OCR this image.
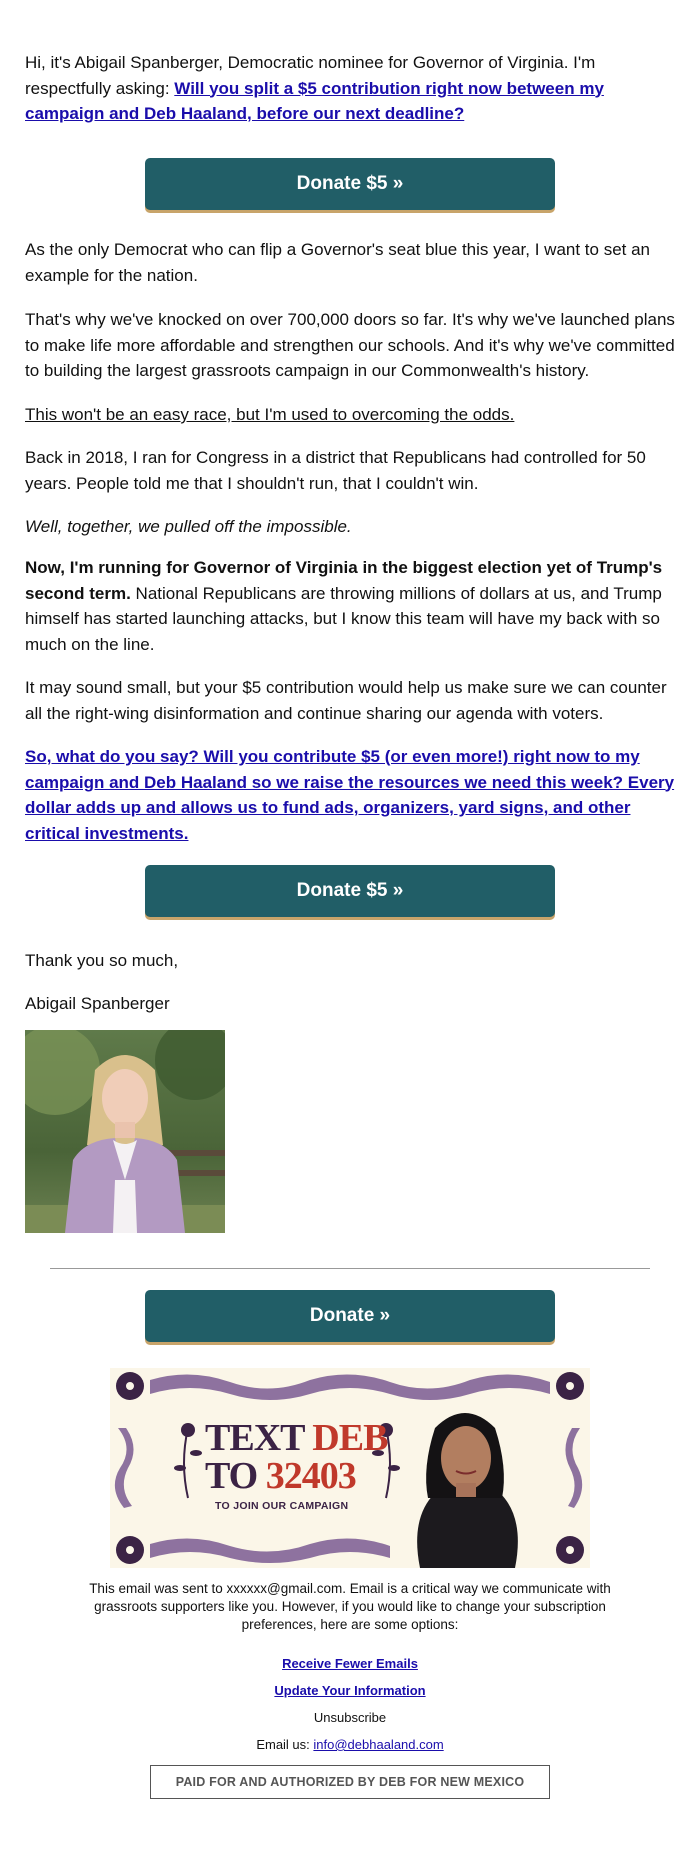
Hi, it's Abigail Spanberger, Democratic nominee for Governor of Virginia. I'm respectfully asking: Will you split a $5 contribution right now between my campaign and Deb Haaland, before our next deadline?

As the only Democrat who can flip a Governor's seat blue this year, I want to set an example for the nation.

That's why we've knocked on over 700,000 doors so far. It's why we've launched plans to make life more affordable and strengthen our schools. And it's why we've committed to building the largest grassroots campaign in our Commonwealth's history.

This won't be an easy race, but I'm used to overcoming the odds.

Back in 2018, I ran for Congress in a district that Republicans had controlled for 50 years. People told me that I shouldn't run, that I couldn't win.

Well, together, we pulled off the impossible.

Now, I'm running for Governor of Virginia in the biggest election yet of Trump's second term. National Republicans are throwing millions of dollars at us, and Trump himself has started launching attacks, but I know this team will have my back with so much on the line.

It may sound small, but your $5 contribution would help us make sure we can counter all the right-wing disinformation and continue sharing our agenda with voters.

So, what do you say? Will you contribute $5 (or even more!) right now to my campaign and Deb Haaland so we raise the resources we need this week? Every dollar adds up and allows us to fund ads, organizers, yard signs, and other critical investments.

Thank you so much,

Abigail Spanberger

Donate $5 »
Donate $5 »
Donate »
TEXT DEB
TO 32403
TO JOIN OUR CAMPAIGN
This email was sent to xxxxxx@gmail.com. Email is a critical way we communicate with grassroots supporters like you. However, if you would like to change your subscription preferences, here are some options:
Receive Fewer Emails
Update Your Information
Unsubscribe
Email us: info@debhaaland.com
PAID FOR AND AUTHORIZED BY DEB FOR NEW MEXICO
